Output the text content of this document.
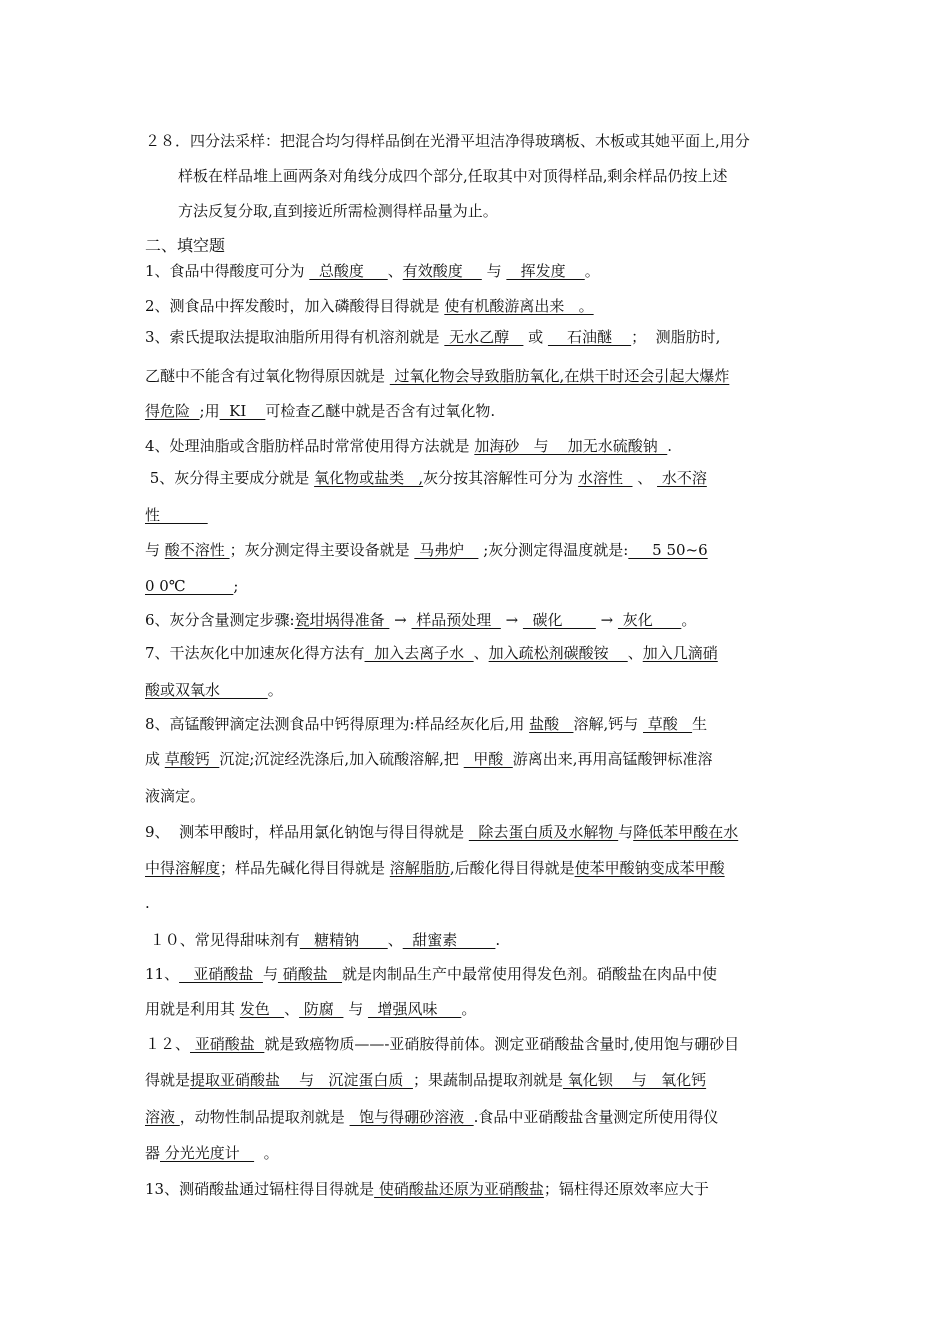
２８．四分法采样：把混合均匀得样品倒在光滑平坦洁净得玻璃板、木板或其她平面上,用分
样板在样品堆上画两条对角线分成四个部分,任取其中对顶得样品,剩余样品仍按上述
方法反复分取,直到接近所需检测得样品量为止。
二、填空题
1、食品中得酸度可分为   总酸度     、有效酸度     与    挥发度    。
2、测食品中挥发酸时，加入磷酸得目得就是 使有机酸游离出来   。
3、索氏提取法提取油脂所用得有机溶剂就是  无水乙醇    或     石油醚    ；  测脂肪时,
乙醚中不能含有过氧化物得原因就是  过氧化物会导致脂肪氧化,在烘干时还会引起大爆炸
得危险  ;用  KI    可检查乙醚中就是否含有过氧化物.
4、处理油脂或含脂肪样品时常常使用得方法就是 加海砂   与    加无水硫酸钠  .
5、灰分得主要成分就是 氧化物或盐类   ,灰分按其溶解性可分为 水溶性   、  水不溶
性
与 酸不溶性 ；灰分测定得主要设备就是  马弗炉    ;灰分测定得温度就是:     5 50~6
0 0℃          ;
6、灰分含量测定步骤:瓷坩埚得准备  →  样品预处理   →   碳化        →  灰化      。
7、干法灰化中加速灰化得方法有  加入去离子水  、加入疏松剂碳酸铵    、加入几滴硝
酸或双氧水          。
8、高锰酸钾滴定法测食品中钙得原理为:样品经灰化后,用 盐酸   溶解,钙与  草酸   生
成 草酸钙  沉淀;沉淀经洗涤后,加入硫酸溶解,把   甲酸  游离出来,再用高锰酸钾标准溶
液滴定。
9、  测苯甲酸时，样品用氯化钠饱与得目得就是   除去蛋白质及水解物 与降低苯甲酸在水
中得溶解度；样品先碱化得目得就是 溶解脂肪,后酸化得目得就是使苯甲酸钠变成苯甲酸
.
１０、常见得甜味剂有   糖精钠      、  甜蜜素        .
11、   亚硝酸盐  与 硝酸盐   就是肉制品生产中最常使用得发色剂。硝酸盐在肉品中使
用就是利用其 发色   、 防腐   与   增强风味     。
１２、 亚硝酸盐  就是致癌物质——-亚硝胺得前体。测定亚硝酸盐含量时,使用饱与硼砂目
得就是提取亚硝酸盐    与   沉淀蛋白质  ；果蔬制品提取剂就是 氧化钡    与   氧化钙
溶液 ，动物性制品提取剂就是   饱与得硼砂溶液  .食品中亚硝酸盐含量测定所使用得仪
器 分光光度计     。
13、测硝酸盐通过镉柱得目得就是 使硝酸盐还原为亚硝酸盐；镉柱得还原效率应大于
